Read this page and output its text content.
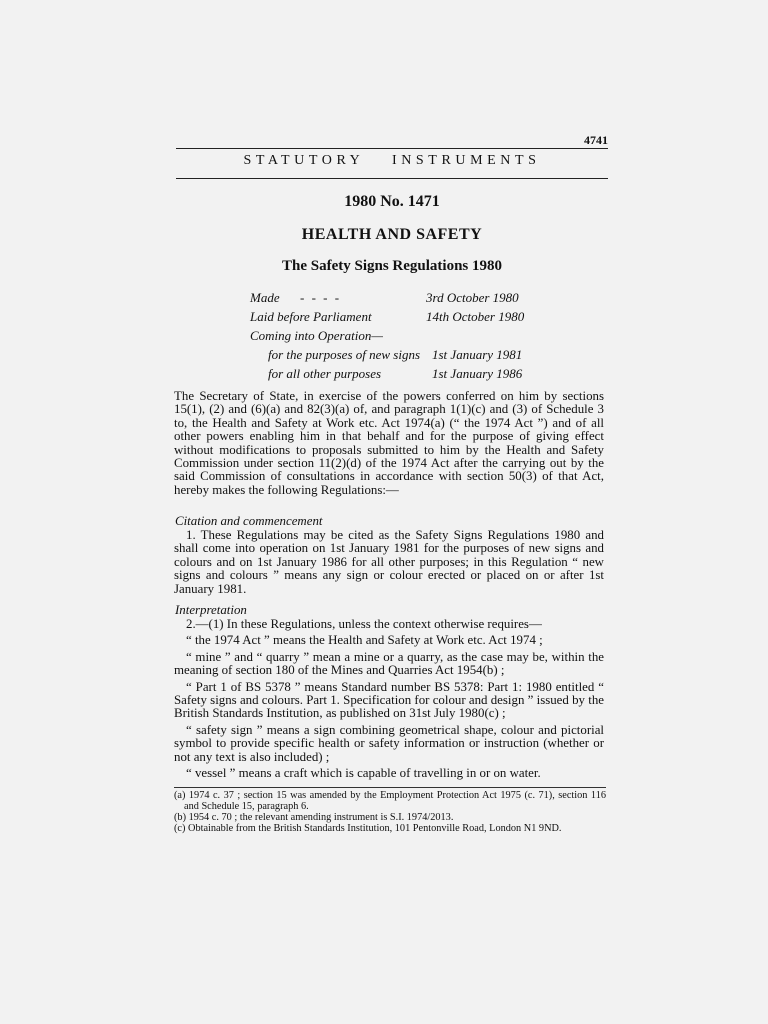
4741
STATUTORY INSTRUMENTS
1980 No. 1471
HEALTH AND SAFETY
The Safety Signs Regulations 1980
Made - - - -	3rd October 1980
Laid before Parliament	14th October 1980
Coming into Operation—
for the purposes of new signs 1st January 1981
for all other purposes	1st January 1986

The Secretary of State, in exercise of the powers conferred on him by sections 15(1), (2) and (6)(a) and 82(3)(a) of, and paragraph 1(1)(c) and (3) of Schedule 3 to, the Health and Safety at Work etc. Act 1974(a) (“ the 1974 Act ”) and of all other powers enabling him in that behalf and for the purpose of giving effect without modifications to proposals submitted to him by the Health and Safety Commission under section 11(2)(d) of the 1974 Act after the carrying out by the said Commission of consultations in accordance with section 50(3) of that Act, hereby makes the following Regulations:—

Citation and commencement

1. These Regulations may be cited as the Safety Signs Regulations 1980 and shall come into operation on 1st January 1981 for the purposes of new signs and colours and on 1st January 1986 for all other purposes; in this Regulation “ new signs and colours ” means any sign or colour erected or placed on or after 1st January 1981.

Interpretation

2.—(1) In these Regulations, unless the context otherwise requires—

“ the 1974 Act ” means the Health and Safety at Work etc. Act 1974 ;

“ mine ” and “ quarry ” mean a mine or a quarry, as the case may be, within the meaning of section 180 of the Mines and Quarries Act 1954(b) ;

“ Part 1 of BS 5378 ” means Standard number BS 5378: Part 1: 1980 entitled “ Safety signs and colours. Part 1. Specification for colour and design ” issued by the British Standards Institution, as published on 31st July 1980(c) ;

“ safety sign ” means a sign combining geometrical shape, colour and pictorial symbol to provide specific health or safety information or instruction (whether or not any text is also included) ;

“ vessel ” means a craft which is capable of travelling in or on water.

(a) 1974 c. 37 ; section 15 was amended by the Employment Protection Act 1975 (c. 71), section 116 and Schedule 15, paragraph 6.

(b) 1954 c. 70 ; the relevant amending instrument is S.I. 1974/2013.

(c) Obtainable from the British Standards Institution, 101 Pentonville Road, London N1 9ND.
